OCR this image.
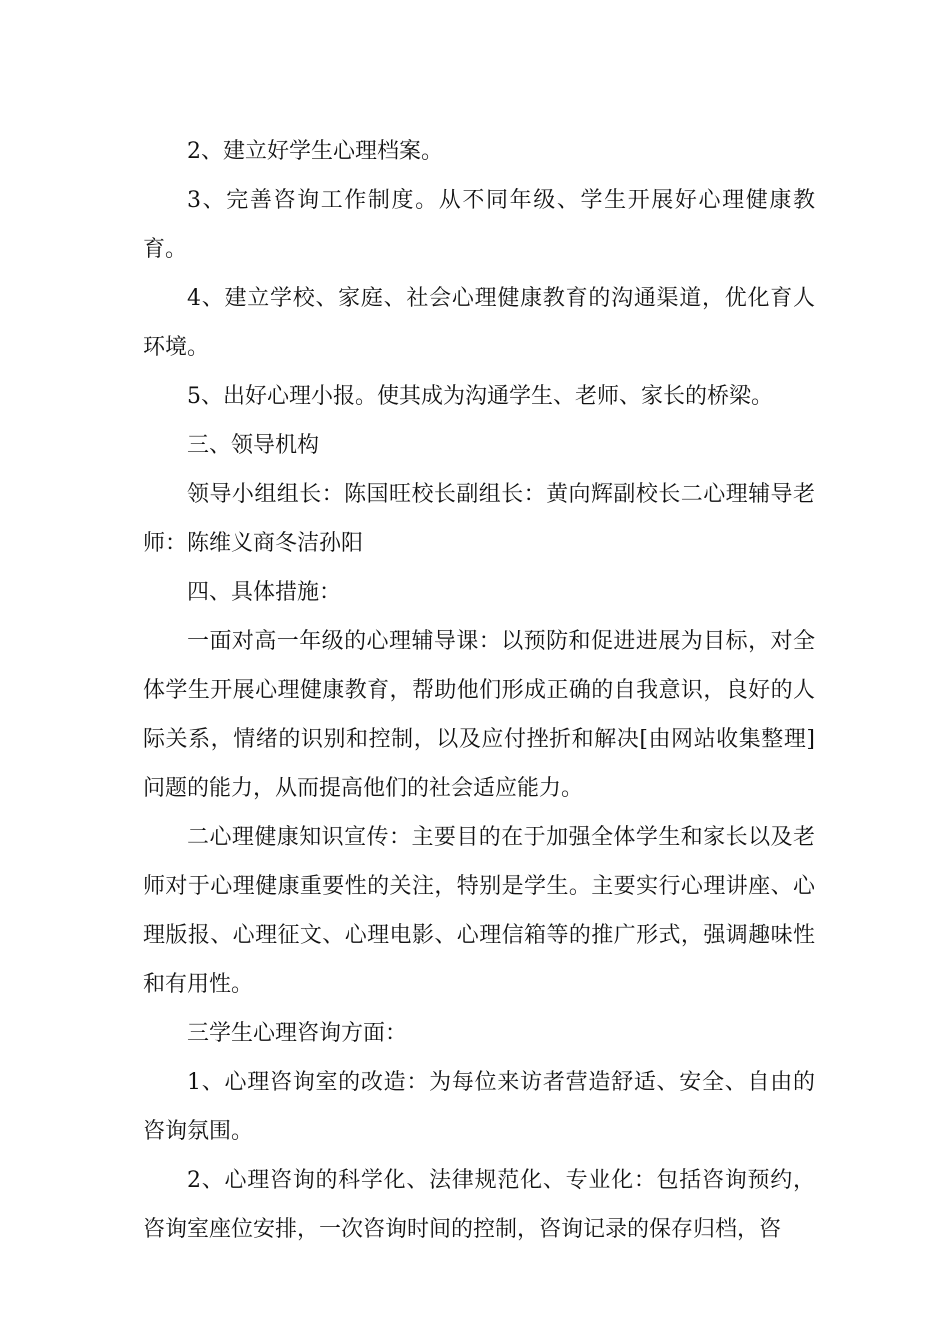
2、建立好学生心理档案。

3、完善咨询工作制度。从不同年级、学生开展好心理健康教育。

4、建立学校、家庭、社会心理健康教育的沟通渠道，优化育人环境。

5、出好心理小报。使其成为沟通学生、老师、家长的桥梁。

三、领导机构

领导小组组长：陈国旺校长副组长：黄向辉副校长二心理辅导老师：陈维义商冬洁孙阳

四、具体措施：

一面对高一年级的心理辅导课：以预防和促进进展为目标，对全体学生开展心理健康教育，帮助他们形成正确的自我意识，良好的人际关系，情绪的识别和控制，以及应付挫折和解决[由网站收集整理]问题的能力，从而提高他们的社会适应能力。

二心理健康知识宣传：主要目的在于加强全体学生和家长以及老师对于心理健康重要性的关注，特别是学生。主要实行心理讲座、心理版报、心理征文、心理电影、心理信箱等的推广形式，强调趣味性和有用性。

三学生心理咨询方面：

1、心理咨询室的改造：为每位来访者营造舒适、安全、自由的咨询氛围。

2、心理咨询的科学化、法律规范化、专业化：包括咨询预约，咨询室座位安排，一次咨询时间的控制，咨询记录的保存归档，咨
